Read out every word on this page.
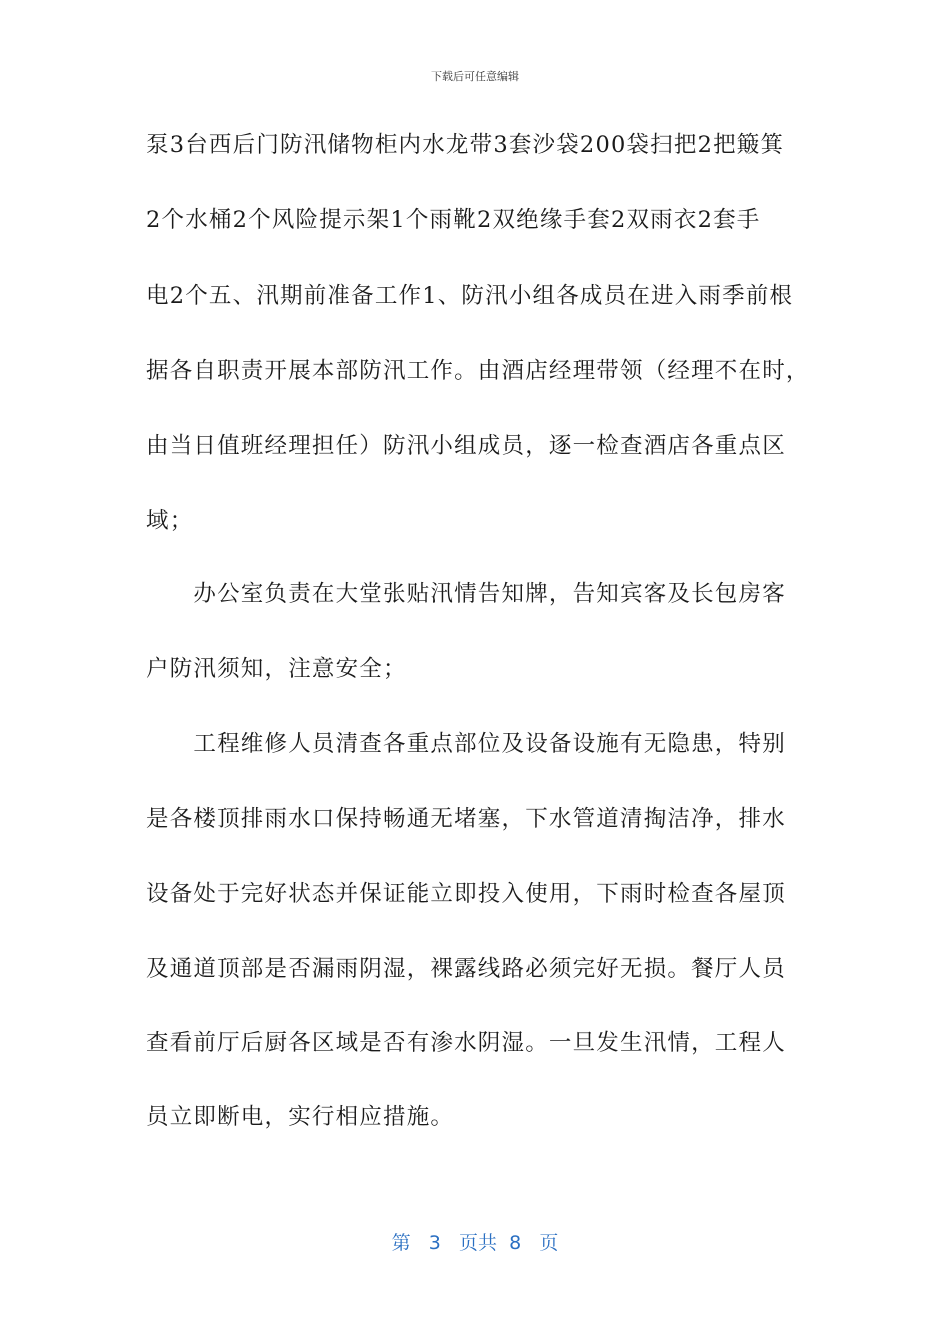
下载后可任意编辑
泵3台西后门防汛储物柜内水龙带3套沙袋200袋扫把2把簸箕
2个水桶2个风险提示架1个雨靴2双绝缘手套2双雨衣2套手
电2个五、汛期前准备工作1、防汛小组各成员在进入雨季前根
据各自职责开展本部防汛工作。由酒店经理带领（经理不在时，
由当日值班经理担任）防汛小组成员，逐一检查酒店各重点区
域；
　　办公室负责在大堂张贴汛情告知牌，告知宾客及长包房客
户防汛须知，注意安全；
　　工程维修人员清查各重点部位及设备设施有无隐患，特别
是各楼顶排雨水口保持畅通无堵塞，下水管道清掏洁净，排水
设备处于完好状态并保证能立即投入使用，下雨时检查各屋顶
及通道顶部是否漏雨阴湿，裸露线路必须完好无损。餐厅人员
查看前厅后厨各区域是否有渗水阴湿。一旦发生汛情，工程人
员立即断电，实行相应措施。
第 3 页共 8 页
